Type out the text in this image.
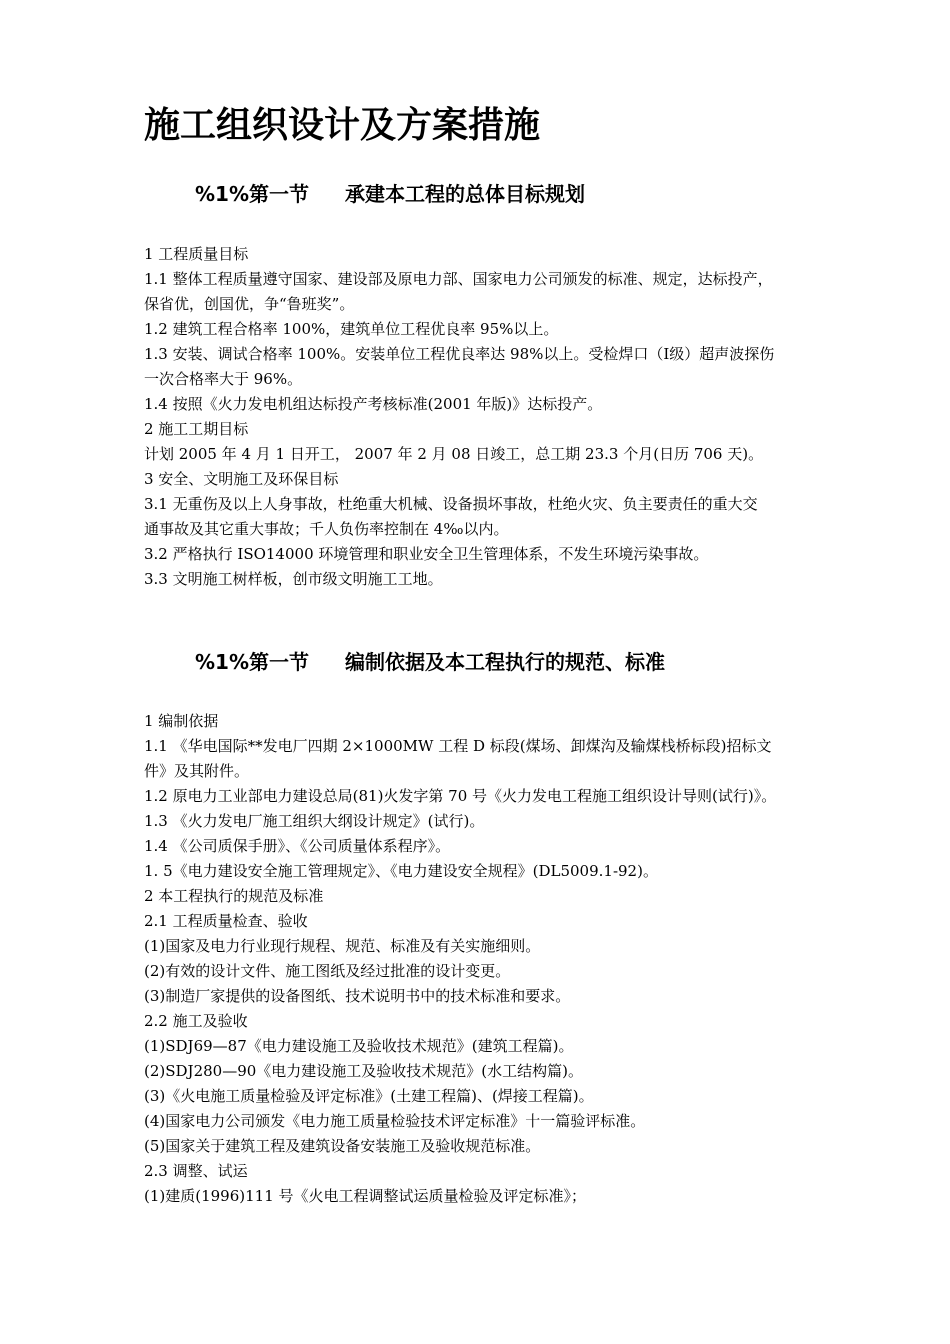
施工组织设计及方案措施
%1%第一节 承建本工程的总体目标规划
1 工程质量目标
1.1 整体工程质量遵守国家、建设部及原电力部、国家电力公司颁发的标准、规定，达标投产，
保省优，创国优，争“鲁班奖”。
1.2 建筑工程合格率 100%，建筑单位工程优良率 95%以上。
1.3 安装、调试合格率 100%。安装单位工程优良率达 98%以上。受检焊口（Ⅰ级）超声波探伤
一次合格率大于 96%。
1.4 按照《火力发电机组达标投产考核标准(2001 年版)》达标投产。
2 施工工期目标
计划 2005 年 4 月 1 日开工， 2007 年 2 月 08 日竣工，总工期 23.3 个月(日历 706 天)。
3 安全、文明施工及环保目标
3.1 无重伤及以上人身事故，杜绝重大机械、设备损坏事故，杜绝火灾、负主要责任的重大交
通事故及其它重大事故；千人负伤率控制在 4‰以内。
3.2 严格执行 ISO14000 环境管理和职业安全卫生管理体系，不发生环境污染事故。
3.3 文明施工树样板，创市级文明施工工地。
%1%第一节 编制依据及本工程执行的规范、标准
1 编制依据
1.1 《华电国际**发电厂四期 2×1000MW 工程 D 标段(煤场、卸煤沟及输煤栈桥标段)招标文
件》及其附件。
1.2 原电力工业部电力建设总局(81)火发字第 70 号《火力发电工程施工组织设计导则(试行)》。
1.3 《火力发电厂施工组织大纲设计规定》(试行)。
1.4 《公司质保手册》、《公司质量体系程序》。
1. 5《电力建设安全施工管理规定》、《电力建设安全规程》(DL5009.1-92)。
2 本工程执行的规范及标准
2.1 工程质量检查、验收
(1)国家及电力行业现行规程、规范、标准及有关实施细则。
(2)有效的设计文件、施工图纸及经过批准的设计变更。
(3)制造厂家提供的设备图纸、技术说明书中的技术标准和要求。
2.2 施工及验收
(1)SDJ69—87《电力建设施工及验收技术规范》(建筑工程篇)。
(2)SDJ280—90《电力建设施工及验收技术规范》(水工结构篇)。
(3)《火电施工质量检验及评定标准》(土建工程篇)、(焊接工程篇)。
(4)国家电力公司颁发《电力施工质量检验技术评定标准》十一篇验评标准。
(5)国家关于建筑工程及建筑设备安装施工及验收规范标准。
2.3 调整、试运
(1)建质(1996)111 号《火电工程调整试运质量检验及评定标准》；
